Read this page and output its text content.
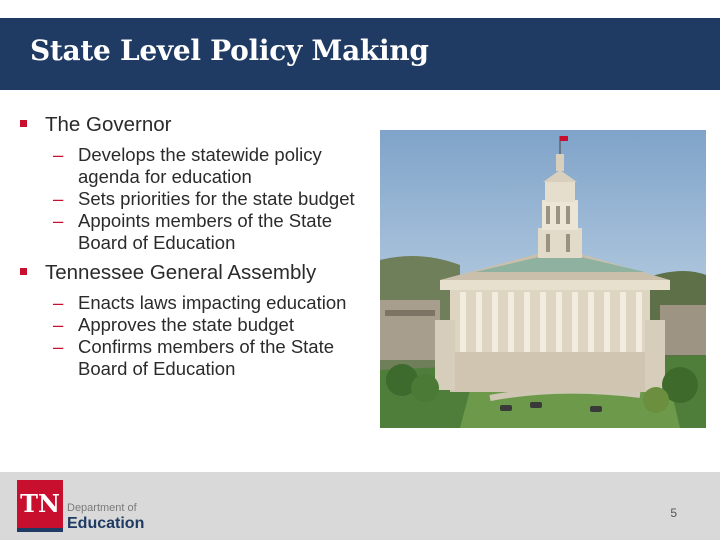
State Level Policy Making
The Governor
– Develops the statewide policy agenda for education
– Sets priorities for the state budget
– Appoints members of the State Board of Education
Tennessee General Assembly
– Enacts laws impacting education
– Approves the state budget
– Confirms members of the State Board of Education
TN Department of
Education
5
